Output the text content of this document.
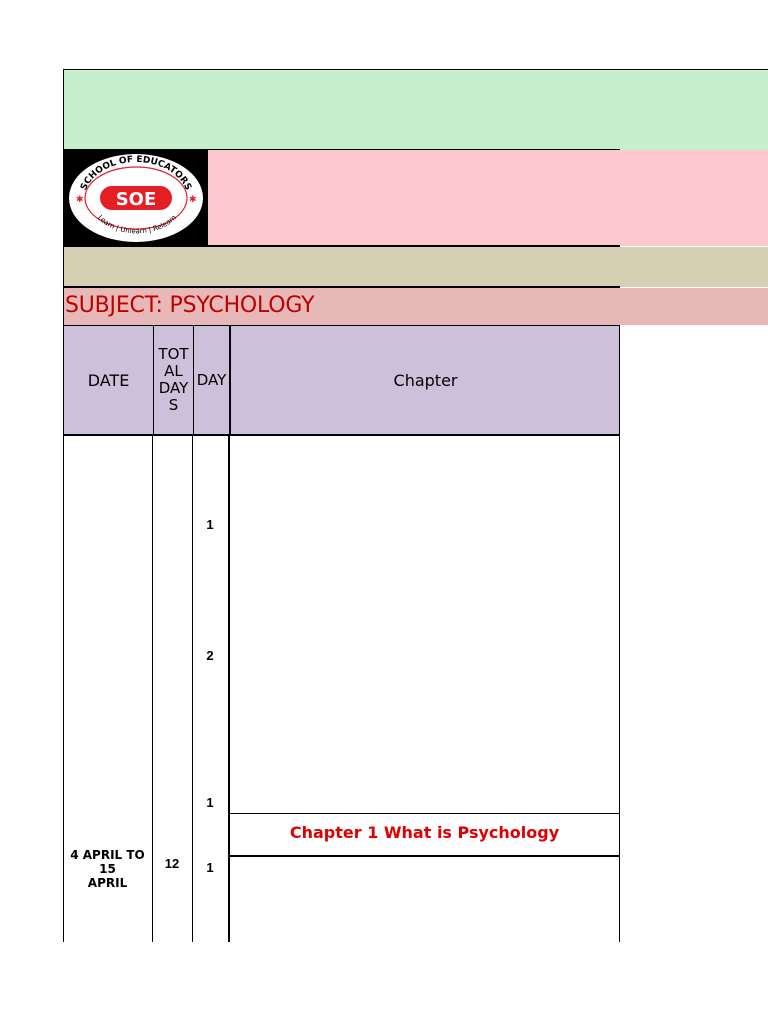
SCHOOL OF EDUCATORS
Learn | Unlearn | Relearn
✱	✱
SOE
SUBJECT: PSYCHOLOGY
DATE
TOT
AL
DAY
S
DAY	Chapter
1
2
1
1
Chapter 1 What is Psychology
4 APRIL TO 15
APRIL
12
